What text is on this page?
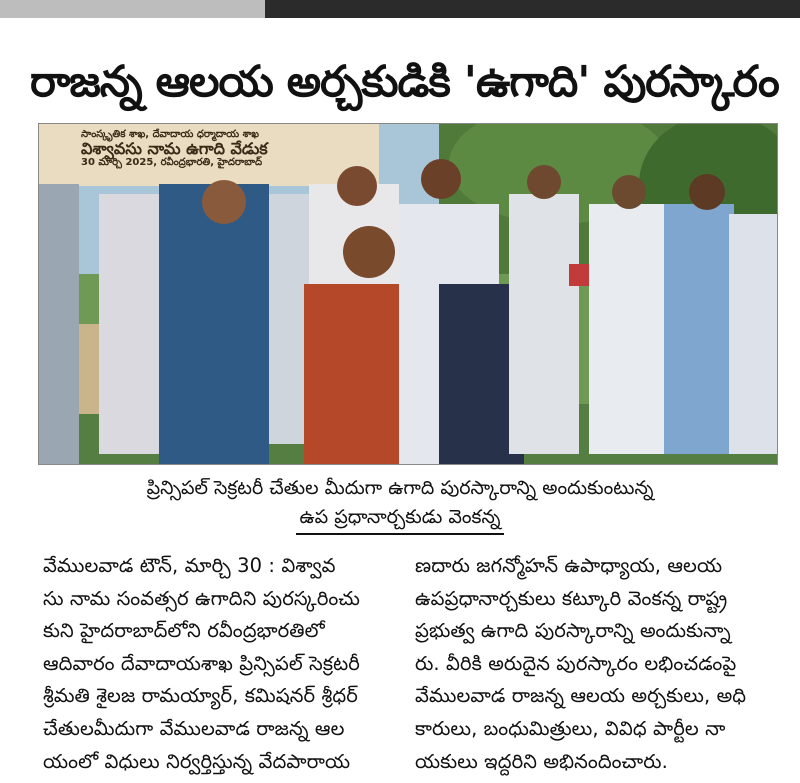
రాజన్న ఆలయ అర్చకుడికి 'ఉగాది' పురస్కారం
సాంస్కృతిక శాఖ, దేవాదాయ ధర్మాదాయ శాఖ
విశ్వావసు నామ ఉగాది వేడుక
30 మార్చి 2025, రవీంద్రభారతి, హైదరాబాద్
ప్రిన్సిపల్ సెక్రటరీ చేతుల మీదుగా ఉగాది పురస్కారాన్ని అందుకుంటున్న
ఉప ప్రధానార్చకుడు వెంకన్న
వేములవాడ టౌన్, మార్చి 30 : విశ్వావ
సు నామ సంవత్సర ఉగాదిని పురస్కరించు
కుని హైదరాబాద్‌లోని రవీంద్రభారతిలో
ఆదివారం దేవాదాయశాఖ ప్రిన్సిపల్ సెక్రటరీ
శ్రీమతి శైలజ రామయ్యార్, కమిషనర్ శ్రీధర్
చేతులమీదుగా వేములవాడ రాజన్న ఆల
యంలో విధులు నిర్వర్తిస్తున్న వేదపారాయ
ణదారు జగన్మోహన్ ఉపాధ్యాయ, ఆలయ
ఉపప్రధానార్చకులు కట్కూరి వెంకన్న రాష్ట్ర
ప్రభుత్వ ఉగాది పురస్కారాన్ని అందుకున్నా
రు. వీరికి అరుదైన పురస్కారం లభించడంపై
వేములవాడ రాజన్న ఆలయ అర్చకులు, అధి
కారులు, బంధుమిత్రులు, వివిధ పార్టీల నా
యకులు ఇద్దరిని అభినందించారు.
